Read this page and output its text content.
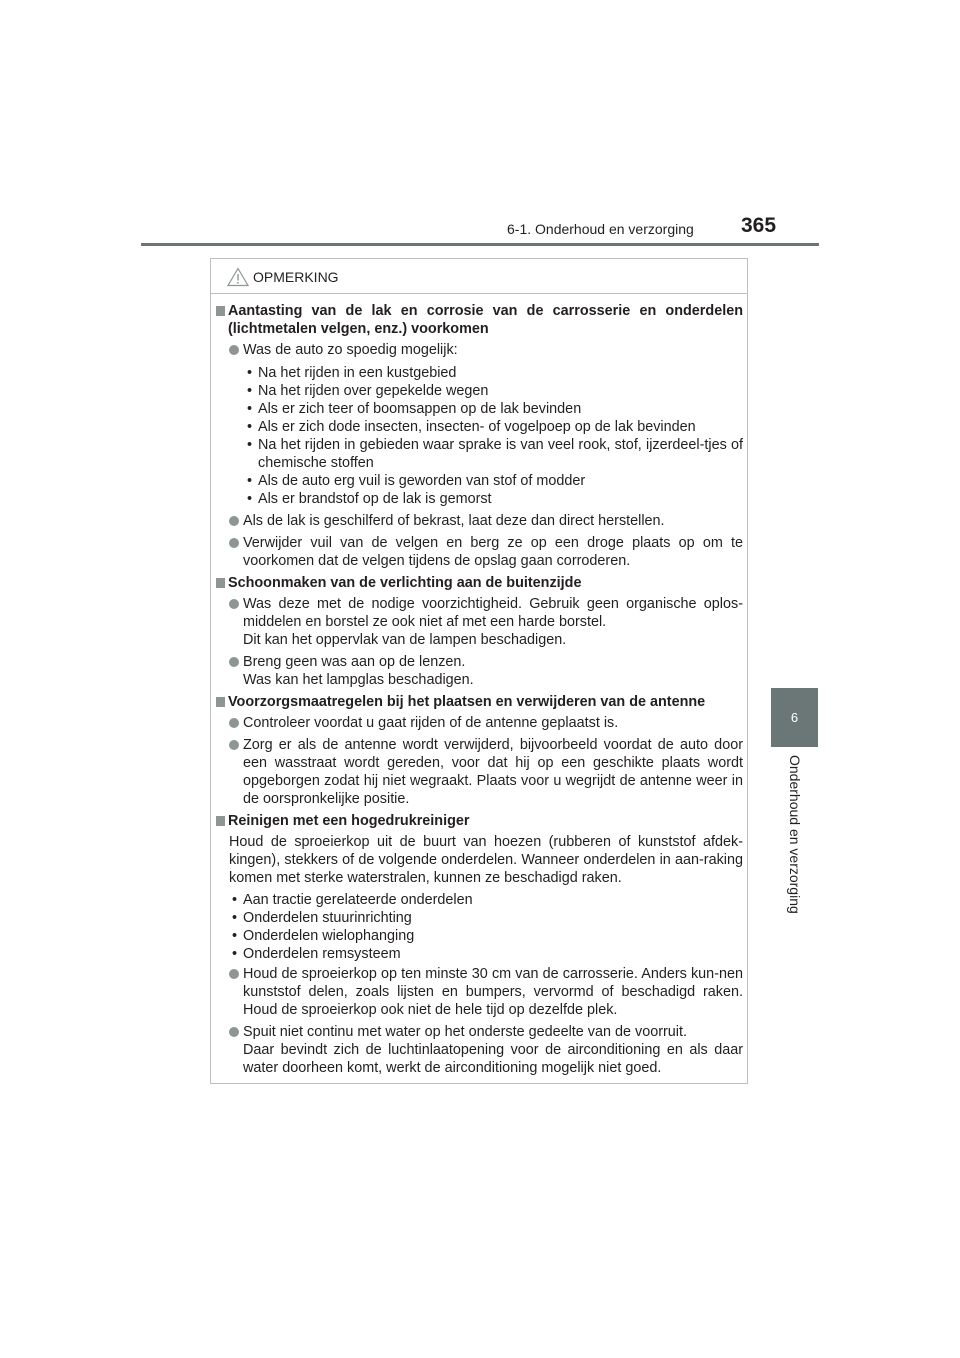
6-1. Onderhoud en verzorging 365
6
Onderhoud en verzorging
OPMERKING
Aantasting van de lak en corrosie van de carrosserie en onderdelen (lichtmetalen velgen, enz.) voorkomen
Was de auto zo spoedig mogelijk:
• Na het rijden in een kustgebied
• Na het rijden over gepekelde wegen
• Als er zich teer of boomsappen op de lak bevinden
• Als er zich dode insecten, insecten- of vogelpoep op de lak bevinden
• Na het rijden in gebieden waar sprake is van veel rook, stof, ijzerdeel-tjes of chemische stoffen
• Als de auto erg vuil is geworden van stof of modder
• Als er brandstof op de lak is gemorst
Als de lak is geschilferd of bekrast, laat deze dan direct herstellen.
Verwijder vuil van de velgen en berg ze op een droge plaats op om te voorkomen dat de velgen tijdens de opslag gaan corroderen.
Schoonmaken van de verlichting aan de buitenzijde
Was deze met de nodige voorzichtigheid. Gebruik geen organische oplos-middelen en borstel ze ook niet af met een harde borstel.
Dit kan het oppervlak van de lampen beschadigen.
Breng geen was aan op de lenzen.
Was kan het lampglas beschadigen.
Voorzorgsmaatregelen bij het plaatsen en verwijderen van de antenne
Controleer voordat u gaat rijden of de antenne geplaatst is.
Zorg er als de antenne wordt verwijderd, bijvoorbeeld voordat de auto door een wasstraat wordt gereden, voor dat hij op een geschikte plaats wordt opgeborgen zodat hij niet wegraakt. Plaats voor u wegrijdt de antenne weer in de oorspronkelijke positie.
Reinigen met een hogedrukreiniger
Houd de sproeierkop uit de buurt van hoezen (rubberen of kunststof afdek-kingen), stekkers of de volgende onderdelen. Wanneer onderdelen in aan-raking komen met sterke waterstralen, kunnen ze beschadigd raken.
• Aan tractie gerelateerde onderdelen
• Onderdelen stuurinrichting
• Onderdelen wielophanging
• Onderdelen remsysteem
Houd de sproeierkop op ten minste 30 cm van de carrosserie. Anders kun-nen kunststof delen, zoals lijsten en bumpers, vervormd of beschadigd raken. Houd de sproeierkop ook niet de hele tijd op dezelfde plek.
Spuit niet continu met water op het onderste gedeelte van de voorruit.
Daar bevindt zich de luchtinlaatopening voor de airconditioning en als daar water doorheen komt, werkt de airconditioning mogelijk niet goed.
